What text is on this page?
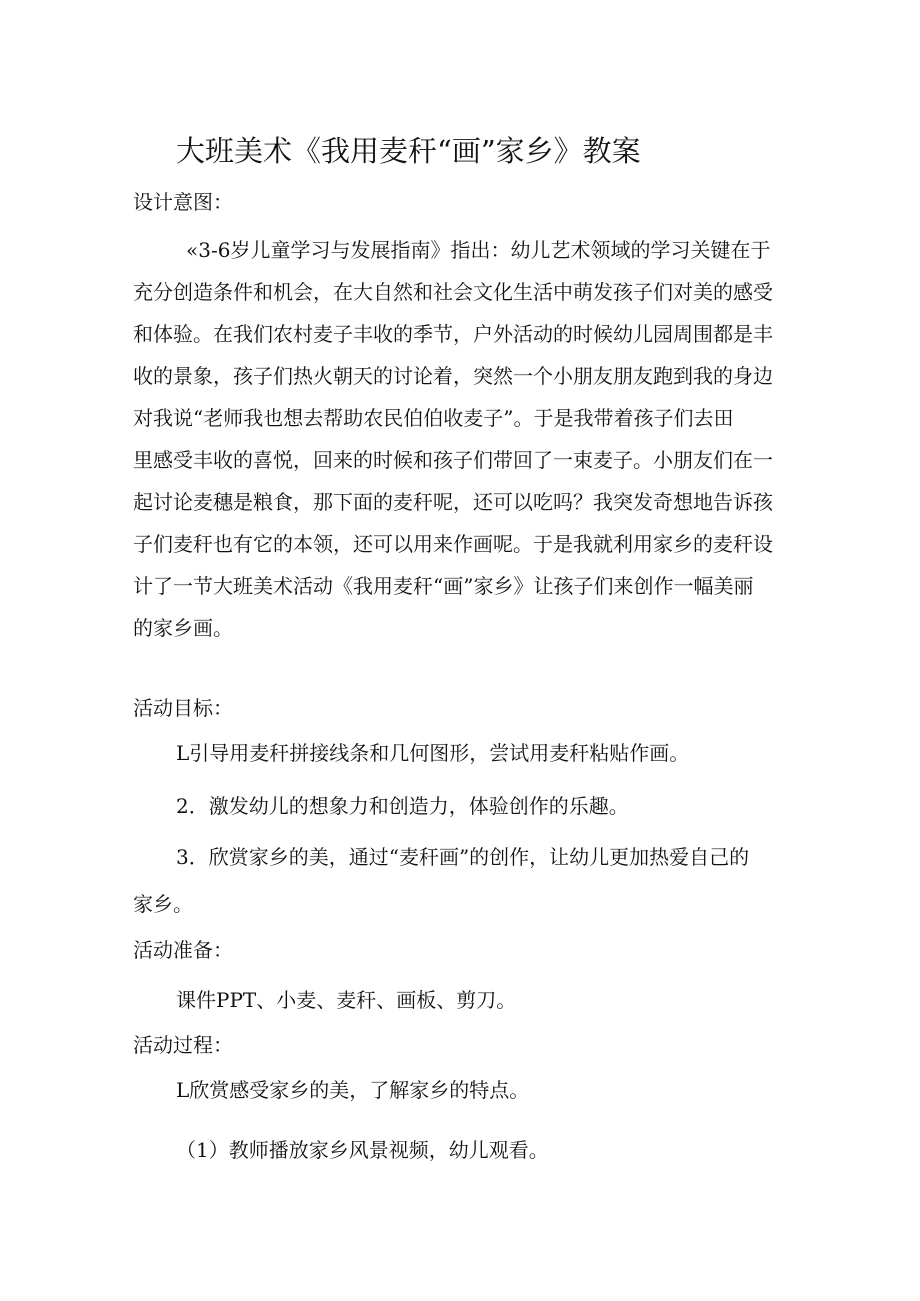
大班美术《我用麦秆“画”家乡》教案
设计意图：
«3-6岁儿童学习与发展指南》指出：幼儿艺术领域的学习关键在于
充分创造条件和机会，在大自然和社会文化生活中萌发孩子们对美的感受
和体验。在我们农村麦子丰收的季节，户外活动的时候幼儿园周围都是丰
收的景象，孩子们热火朝天的讨论着，突然一个小朋友朋友跑到我的身边
对我说“老师我也想去帮助农民伯伯收麦子”。于是我带着孩子们去田
里感受丰收的喜悦，回来的时候和孩子们带回了一束麦子。小朋友们在一
起讨论麦穗是粮食，那下面的麦秆呢，还可以吃吗？我突发奇想地告诉孩
子们麦秆也有它的本领，还可以用来作画呢。于是我就利用家乡的麦秆设
计了一节大班美术活动《我用麦秆“画”家乡》让孩子们来创作一幅美丽
的家乡画。
活动目标：

L引导用麦秆拼接线条和几何图形，尝试用麦秆粘贴作画。

2．激发幼儿的想象力和创造力，体验创作的乐趣。

3．欣赏家乡的美，通过“麦秆画”的创作，让幼儿更加热爱自己的

家乡。

活动准备：

课件PPT、小麦、麦秆、画板、剪刀。

活动过程：

L欣赏感受家乡的美，了解家乡的特点。

（1）教师播放家乡风景视频，幼儿观看。
